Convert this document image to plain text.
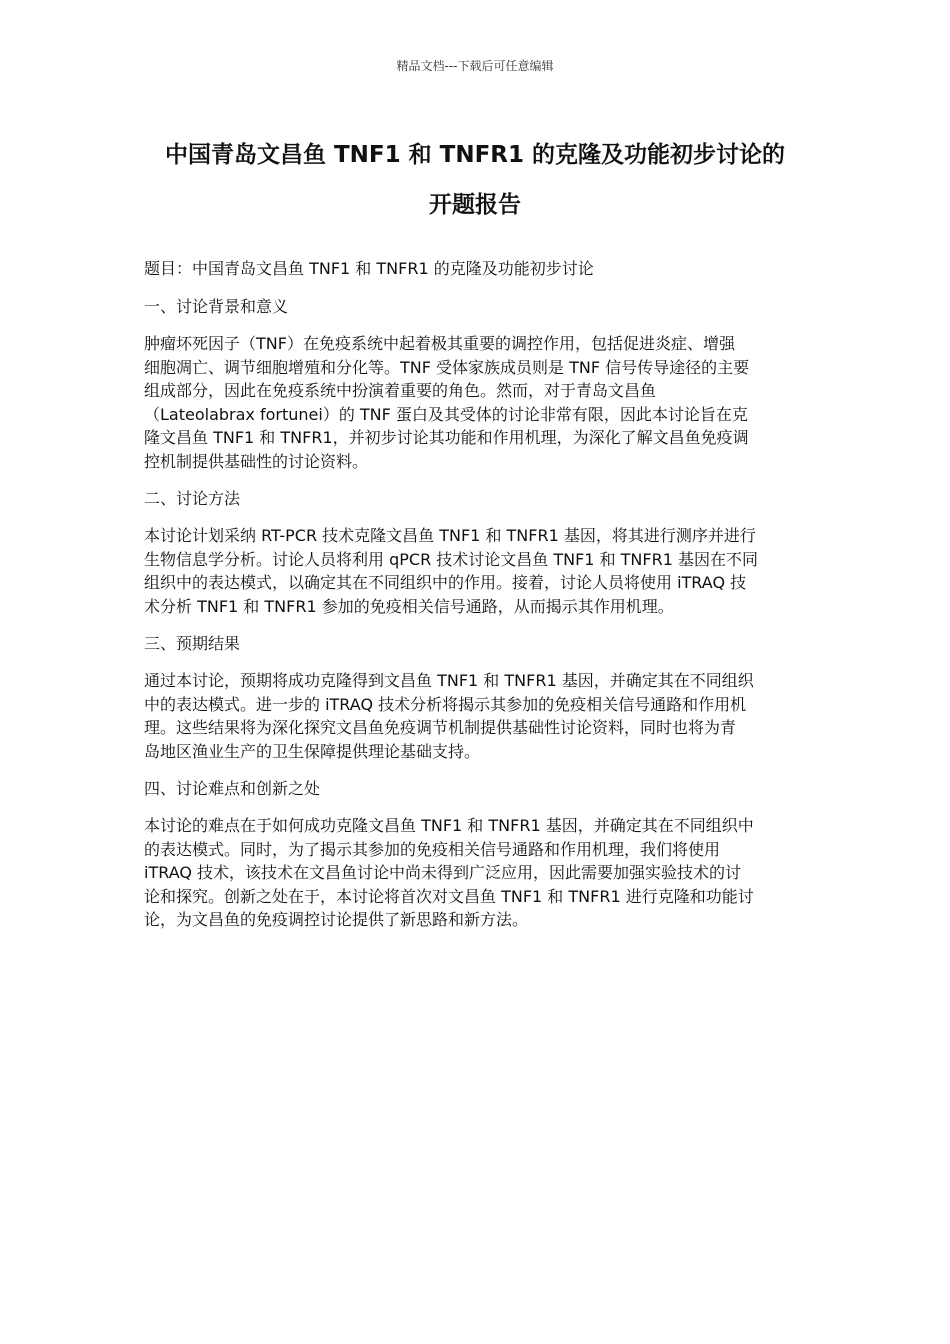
精品文档---下载后可任意编辑
中国青岛文昌鱼 TNF1 和 TNFR1 的克隆及功能初步讨论的
开题报告
题目：中国青岛文昌鱼 TNF1 和 TNFR1 的克隆及功能初步讨论
一、讨论背景和意义
肿瘤坏死因子（TNF）在免疫系统中起着极其重要的调控作用，包括促进炎症、增强
细胞凋亡、调节细胞增殖和分化等。TNF 受体家族成员则是 TNF 信号传导途径的主要
组成部分，因此在免疫系统中扮演着重要的角色。然而，对于青岛文昌鱼
（Lateolabrax fortunei）的 TNF 蛋白及其受体的讨论非常有限，因此本讨论旨在克
隆文昌鱼 TNF1 和 TNFR1，并初步讨论其功能和作用机理，为深化了解文昌鱼免疫调
控机制提供基础性的讨论资料。
二、讨论方法
本讨论计划采纳 RT-PCR 技术克隆文昌鱼 TNF1 和 TNFR1 基因，将其进行测序并进行
生物信息学分析。讨论人员将利用 qPCR 技术讨论文昌鱼 TNF1 和 TNFR1 基因在不同
组织中的表达模式，以确定其在不同组织中的作用。接着，讨论人员将使用 iTRAQ 技
术分析 TNF1 和 TNFR1 参加的免疫相关信号通路，从而揭示其作用机理。
三、预期结果
通过本讨论，预期将成功克隆得到文昌鱼 TNF1 和 TNFR1 基因，并确定其在不同组织
中的表达模式。进一步的 iTRAQ 技术分析将揭示其参加的免疫相关信号通路和作用机
理。这些结果将为深化探究文昌鱼免疫调节机制提供基础性讨论资料，同时也将为青
岛地区渔业生产的卫生保障提供理论基础支持。
四、讨论难点和创新之处
本讨论的难点在于如何成功克隆文昌鱼 TNF1 和 TNFR1 基因，并确定其在不同组织中
的表达模式。同时，为了揭示其参加的免疫相关信号通路和作用机理，我们将使用
iTRAQ 技术，该技术在文昌鱼讨论中尚未得到广泛应用，因此需要加强实验技术的讨
论和探究。创新之处在于，本讨论将首次对文昌鱼 TNF1 和 TNFR1 进行克隆和功能讨
论，为文昌鱼的免疫调控讨论提供了新思路和新方法。
